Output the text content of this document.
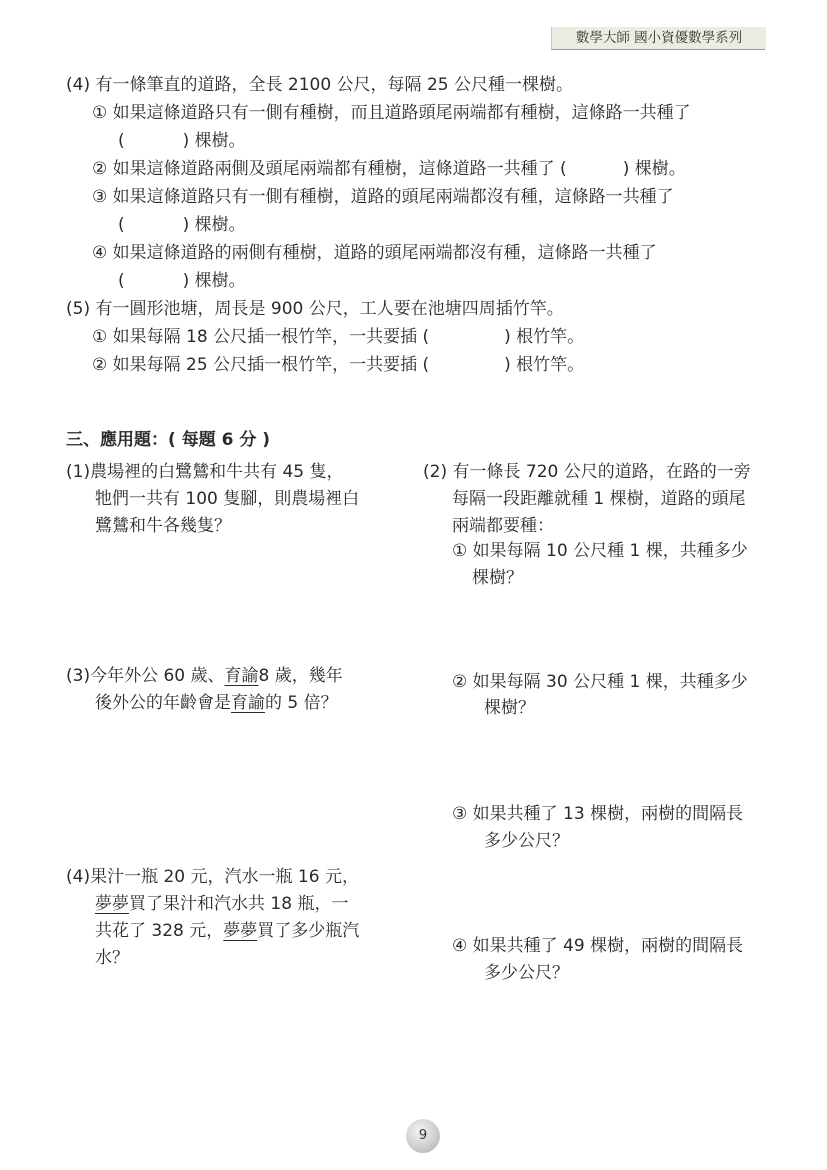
數學大師 國小資優數學系列
(4) 有一條筆直的道路，全長 2100 公尺，每隔 25 公尺種一棵樹。
① 如果這條道路只有一側有種樹，而且道路頭尾兩端都有種樹，這條路一共種了
(	) 棵樹。
② 如果這條道路兩側及頭尾兩端都有種樹，這條道路一共種了 (	) 棵樹。
③ 如果這條道路只有一側有種樹，道路的頭尾兩端都沒有種，這條路一共種了
(	) 棵樹。
④ 如果這條道路的兩側有種樹，道路的頭尾兩端都沒有種，這條路一共種了
(	) 棵樹。
(5) 有一圓形池塘，周長是 900 公尺，工人要在池塘四周插竹竿。
① 如果每隔 18 公尺插一根竹竿，一共要插 (	) 根竹竿。
② 如果每隔 25 公尺插一根竹竿，一共要插 (	) 根竹竿。
三、應用題：( 每題 6 分 )
(1)農場裡的白鷺鷥和牛共有 45 隻，
牠們一共有 100 隻腳，則農場裡白
鷺鷥和牛各幾隻？
(2) 有一條長 720 公尺的道路，在路的一旁
每隔一段距離就種 1 棵樹，道路的頭尾
兩端都要種：
① 如果每隔 10 公尺種 1 棵，共種多少
棵樹？
② 如果每隔 30 公尺種 1 棵，共種多少
棵樹？
③ 如果共種了 13 棵樹，兩樹的間隔長
多少公尺？
④ 如果共種了 49 棵樹，兩樹的間隔長
多少公尺？
(3)今年外公 60 歲、育諭8 歲，幾年
後外公的年齡會是育諭的 5 倍？
(4)果汁一瓶 20 元，汽水一瓶 16 元，
夢夢買了果汁和汽水共 18 瓶，一
共花了 328 元，夢夢買了多少瓶汽
水？
9
